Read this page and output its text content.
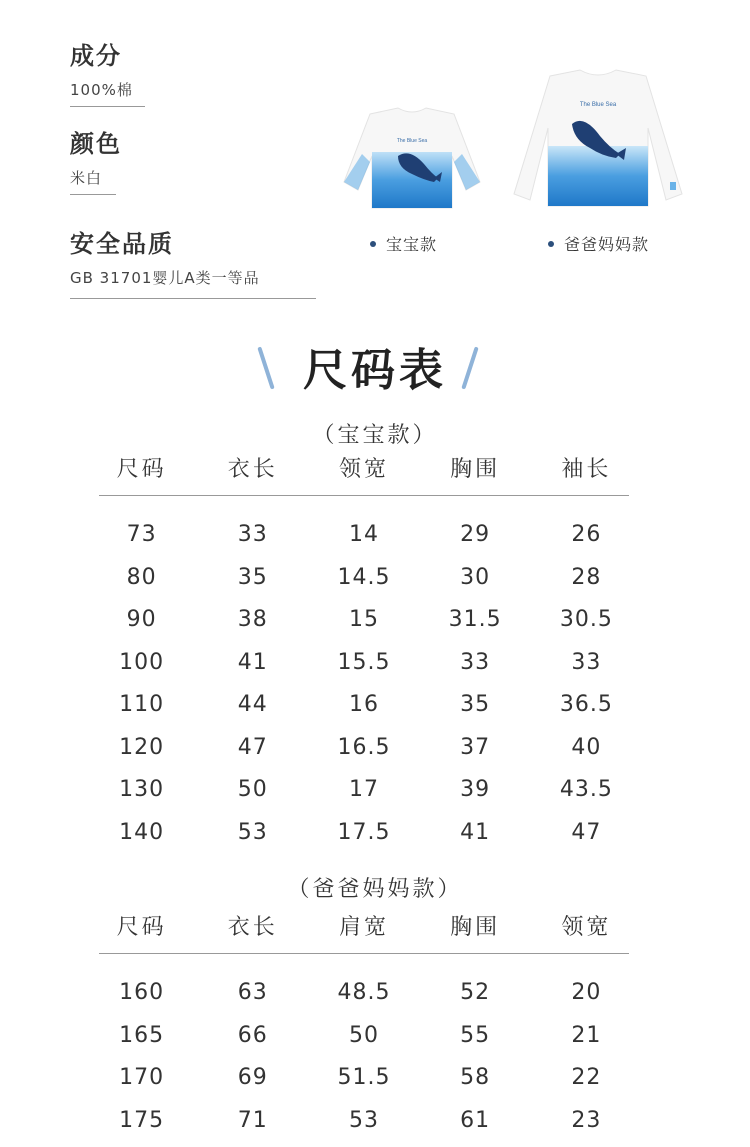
成分
100%棉
颜色
米白
安全品质
GB 31701婴儿A类一等品
The Blue Sea
宝宝款
The Blue Sea
爸爸妈妈款
尺码表
（宝宝款）
尺码	衣长	领宽	胸围	袖长
73	33	14	29	26
80	35	14.5	30	28
90	38	15	31.5	30.5
100	41	15.5	33	33
110	44	16	35	36.5
120	47	16.5	37	40
130	50	17	39	43.5
140	53	17.5	41	47
（爸爸妈妈款）
尺码	衣长	肩宽	胸围	领宽
160	63	48.5	52	20
165	66	50	55	21
170	69	51.5	58	22
175	71	53	61	23
